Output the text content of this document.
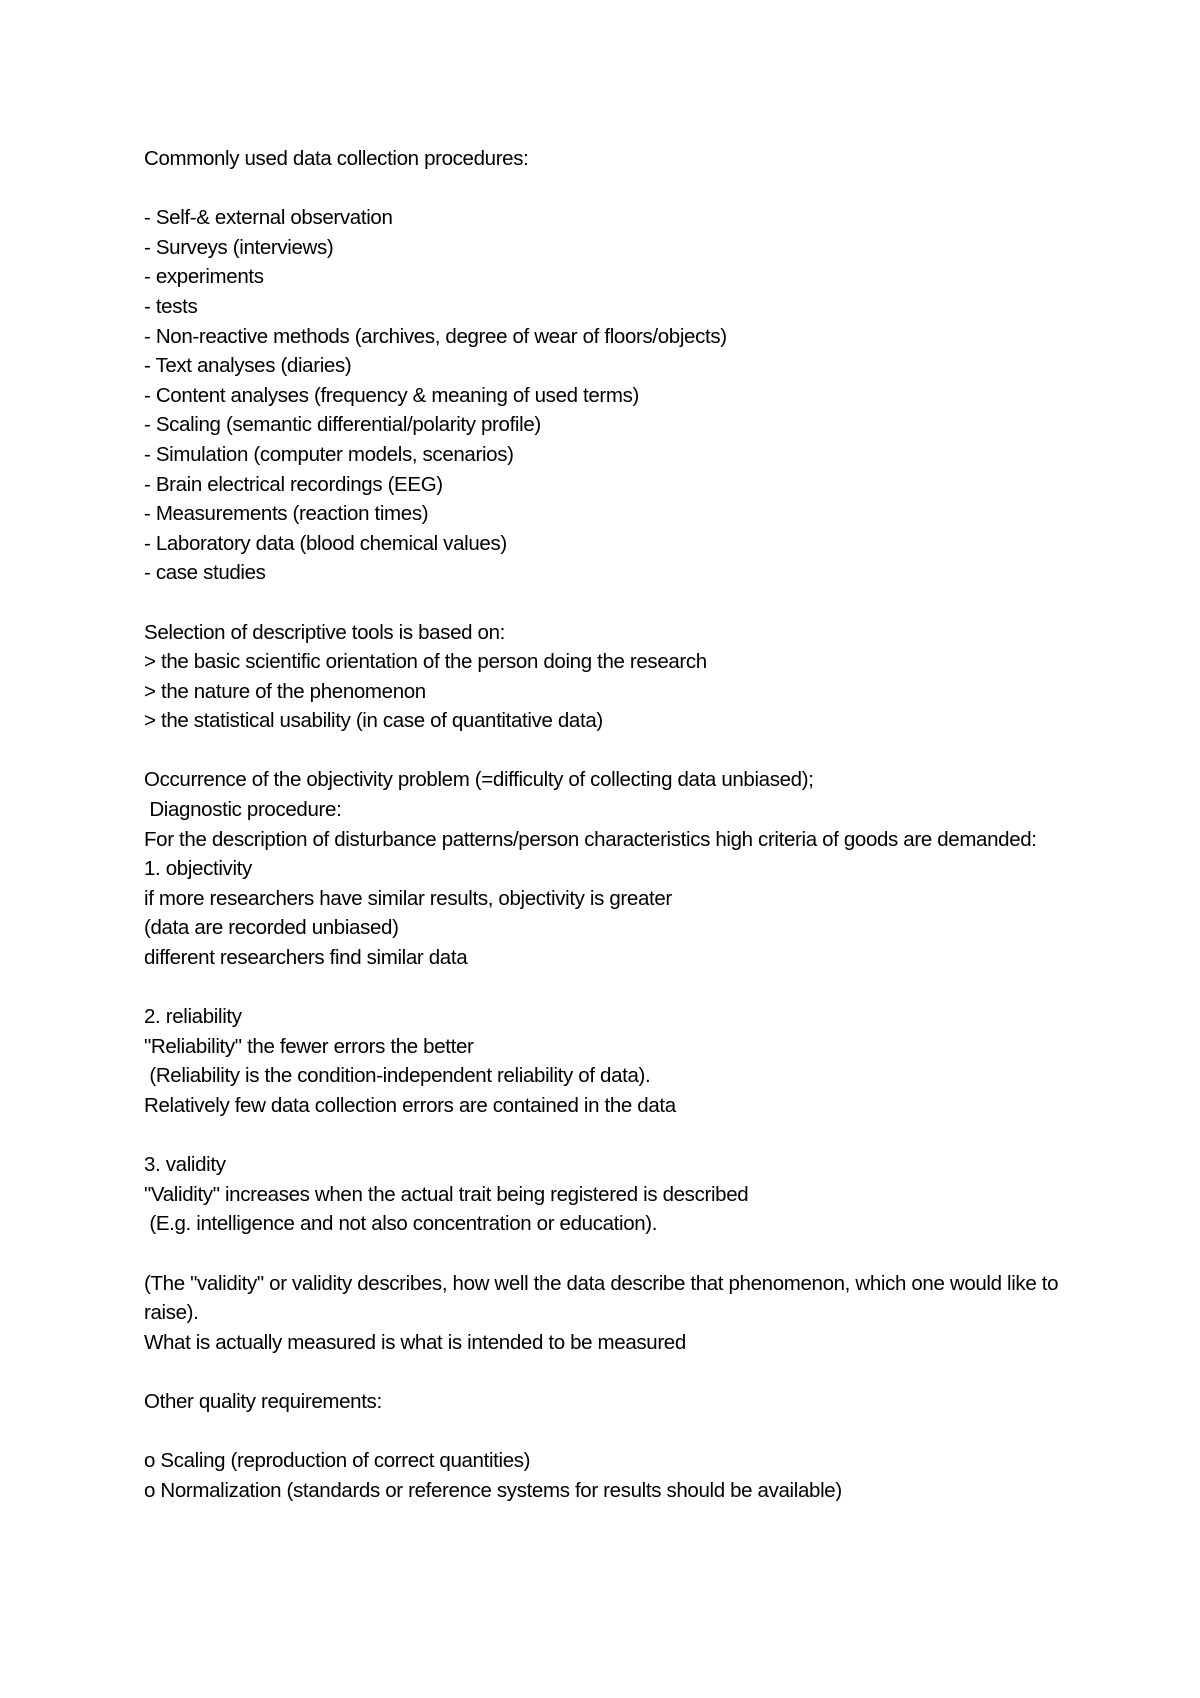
Commonly used data collection procedures:
- Self-& external observation
- Surveys (interviews)
- experiments
- tests
- Non-reactive methods (archives, degree of wear of floors/objects)
- Text analyses (diaries)
- Content analyses (frequency & meaning of used terms)
- Scaling (semantic differential/polarity profile)
- Simulation (computer models, scenarios)
- Brain electrical recordings (EEG)
- Measurements (reaction times)
- Laboratory data (blood chemical values)
- case studies
Selection of descriptive tools is based on:
> the basic scientific orientation of the person doing the research
> the nature of the phenomenon
> the statistical usability (in case of quantitative data)
Occurrence of the objectivity problem (=difficulty of collecting data unbiased);
Diagnostic procedure:
For the description of disturbance patterns/person characteristics high criteria of goods are demanded:
1. objectivity
if more researchers have similar results, objectivity is greater
(data are recorded unbiased)
different researchers find similar data
2. reliability
"Reliability" the fewer errors the better
(Reliability is the condition-independent reliability of data).
Relatively few data collection errors are contained in the data
3. validity
"Validity" increases when the actual trait being registered is described
(E.g. intelligence and not also concentration or education).
(The "validity" or validity describes, how well the data describe that phenomenon, which one would like to raise).
What is actually measured is what is intended to be measured
Other quality requirements:
o Scaling (reproduction of correct quantities)
o Normalization (standards or reference systems for results should be available)
